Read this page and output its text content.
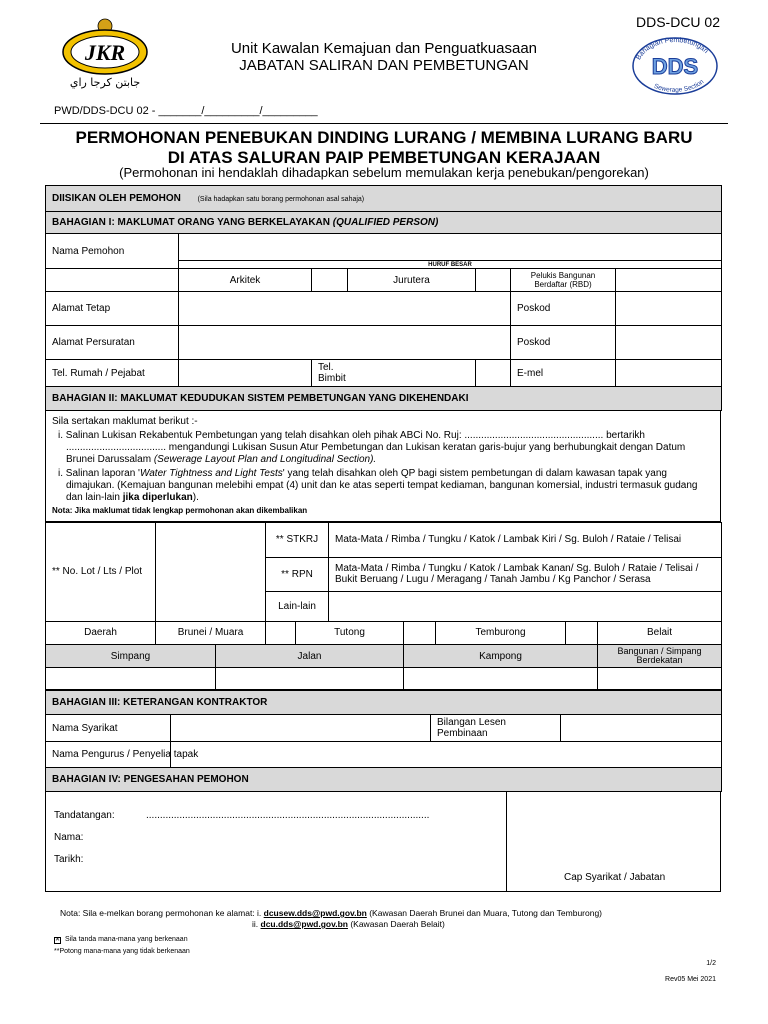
JKR
جابتن كرجا راي
Bahagian Pembetungan
DDS
Sewerage Section
DDS-DCU 02
Unit Kawalan Kemajuan dan Penguatkuasaan
JABATAN SALIRAN DAN PEMBETUNGAN
PWD/DDS-DCU 02 - _______/_________/_________
PERMOHONAN PENEBUKAN DINDING LURANG / MEMBINA LURANG BARU
DI ATAS SALURAN PAIP PEMBETUNGAN KERAJAAN
(Permohonan ini hendaklah dihadapkan sebelum memulakan kerja penebukan/pengorekan)
DIISIKAN OLEH PEMOHON (Sila hadapkan satu borang permohonan asal sahaja)							
BAHAGIAN I: MAKLUMAT ORANG YANG BERKELAYAKAN (QUALIFIED PERSON)							
Nama Pemohon							
	HURUF BESAR						
	Arkitek		Jurutera		Pelukis Bangunan Berdaftar (RBD)		
Alamat Tetap					Poskod		
Alamat Persuratan					Poskod		
Tel. Rumah / Pejabat		Tel. Bimbit			E-mel		
BAHAGIAN II: MAKLUMAT KEDUDUKAN SISTEM PEMBETUNGAN YANG DIKEHENDAKI							

Sila sertakan maklumat berikut :-

i. Salinan Lukisan Rekabentuk Pembetungan yang telah disahkan oleh pihak ABCi No. Ruj: .................................................. bertarikh .................................... mengandungi Lukisan Susun Atur Pembetungan dan Lukisan keratan garis-bujur yang berhubungkait dengan Datum Brunei Darussalam (Sewerage Layout Plan and Longitudinal Section).

i. Salinan laporan 'Water Tightness and Light Tests' yang telah disahkan oleh QP bagi sistem pembetungan di dalam kawasan tapak yang dimajukan. (Kemajuan bangunan melebihi empat (4) unit dan ke atas seperti tempat kediaman, bangunan komersial, industri termasuk gudang dan lain-lain jika diperlukan).

Nota: Jika maklumat tidak lengkap permohonan akan dikembalikan

** No. Lot / Lts / Plot			** STKRJ		Mata-Mata / Rimba / Tungku / Katok / Lambak Kiri / Sg. Buloh / Rataie / Telisai				
			** RPN		Mata-Mata / Rimba / Tungku / Katok / Lambak Kanan/ Sg. Buloh / Rataie / Telisai / Bukit Beruang / Lugu / Meragang / Tanah Jambu / Kg Panchor / Serasa				
			Lain-lain						
Daerah	Brunei / Muara			Tutong			Temburong		Belait
Simpang		Jalan				Kampong			Bangunan / Simpang Berdekatan

BAHAGIAN III: KETERANGAN KONTRAKTOR			
Nama Syarikat		Bilangan Lesen Pembinaan	
Nama Pengurus / Penyelia tapak			
BAHAGIAN IV: PENGESAHAN PEMOHON			
Tandatangan:	......................................................................................................
Nama:
Tarikh:
Cap Syarikat / Jabatan
Nota: Sila e-melkan borang permohonan ke alamat: i. dcusew.dds@pwd.gov.bn (Kawasan Daerah Brunei dan Muara, Tutong dan Temburong)
ii. dcu.dds@pwd.gov.bn (Kawasan Daerah Belait)
✕ Sila tanda mana-mana yang berkenaan
**Potong mana-mana yang tidak berkenaan
1/2
Rev05 Mei 2021
